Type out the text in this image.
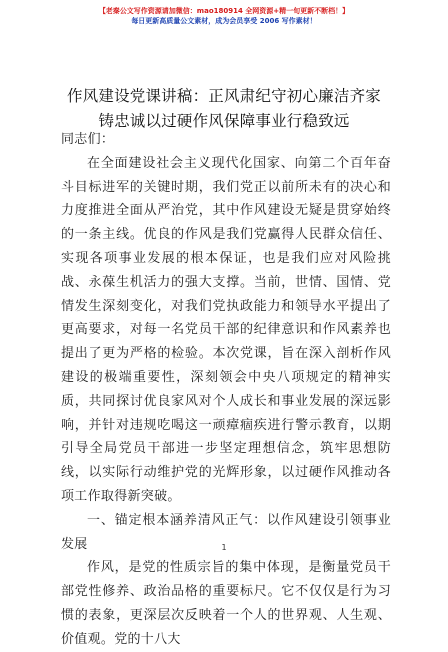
【老秦公文写作资源请加微信：mao180914 全网资源+精一旬更新不断档！】
每日更新高质量公文素材，成为会员享受 2006 写作素材！
作风建设党课讲稿：正风肃纪守初心廉洁齐家
铸忠诚以过硬作风保障事业行稳致远

同志们：

在全面建设社会主义现代化国家、向第二个百年奋斗目标进军的关键时期，我们党正以前所未有的决心和力度推进全面从严治党，其中作风建设无疑是贯穿始终的一条主线。优良的作风是我们党赢得人民群众信任、实现各项事业发展的根本保证，也是我们应对风险挑战、永葆生机活力的强大支撑。当前，世情、国情、党情发生深刻变化，对我们党执政能力和领导水平提出了更高要求，对每一名党员干部的纪律意识和作风素养也提出了更为严格的检验。本次党课，旨在深入剖析作风建设的极端重要性，深刻领会中央八项规定的精神实质，共同探讨优良家风对个人成长和事业发展的深远影响，并针对违规吃喝这一顽瘴痼疾进行警示教育，以期引导全局党员干部进一步坚定理想信念，筑牢思想防线，以实际行动维护党的光辉形象，以过硬作风推动各项工作取得新突破。

一、锚定根本涵养清风正气：以作风建设引领事业发展

作风，是党的性质宗旨的集中体现，是衡量党员干部党性修养、政治品格的重要标尺。它不仅仅是行为习惯的表象，更深层次反映着一个人的世界观、人生观、价值观。党的十八大

1
